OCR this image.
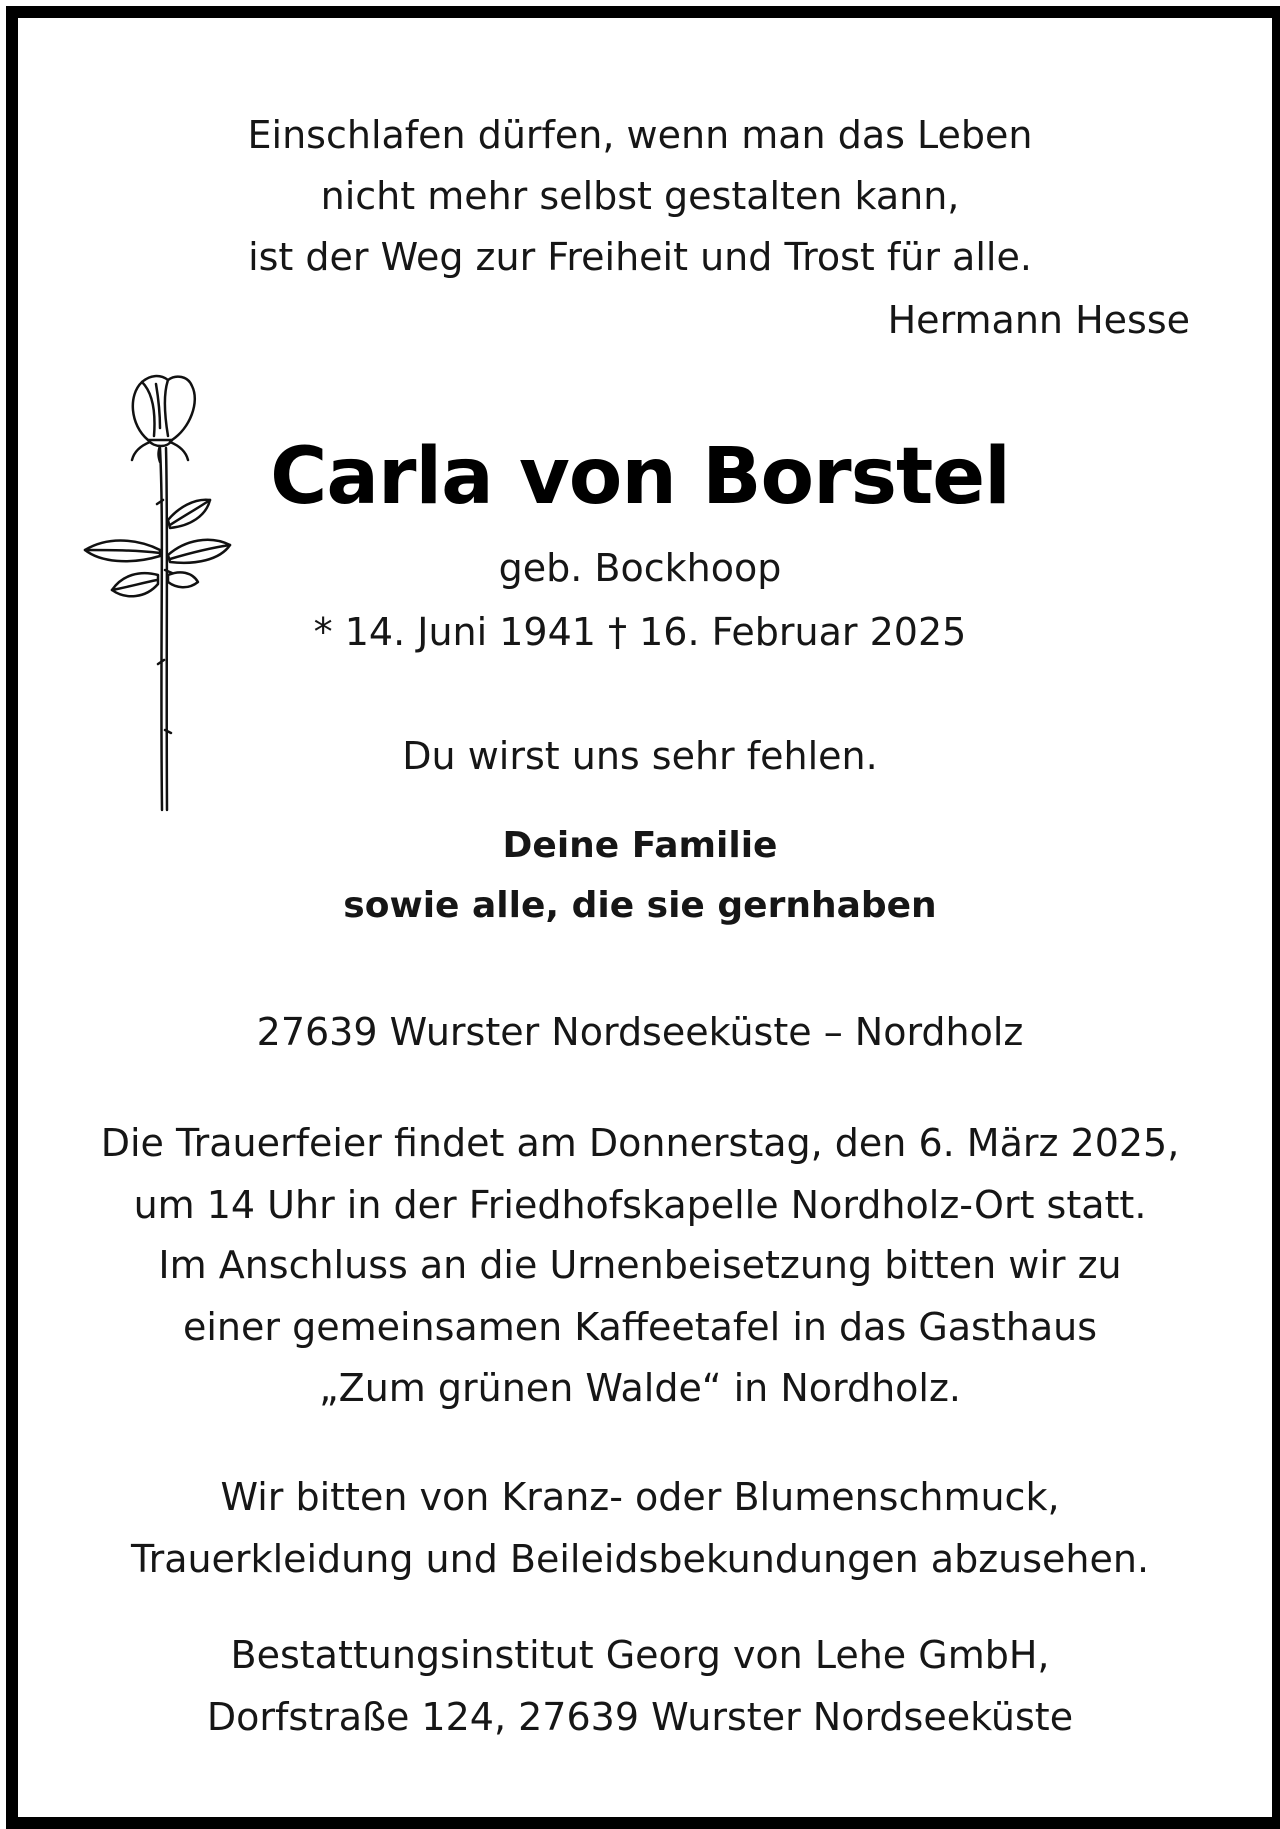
Einschlafen dürfen, wenn man das Leben
nicht mehr selbst gestalten kann,
ist der Weg zur Freiheit und Trost für alle.
Hermann Hesse
Carla von Borstel
geb. Bockhoop
* 14. Juni 1941 † 16. Februar 2025
Du wirst uns sehr fehlen.
Deine Familie
sowie alle, die sie gernhaben
27639 Wurster Nordseeküste – Nordholz
Die Trauerfeier findet am Donnerstag, den 6. März 2025,
um 14 Uhr in der Friedhofskapelle Nordholz-Ort statt.
Im Anschluss an die Urnenbeisetzung bitten wir zu
einer gemeinsamen Kaffeetafel in das Gasthaus
„Zum grünen Walde“ in Nordholz.
Wir bitten von Kranz- oder Blumenschmuck,
Trauerkleidung und Beileidsbekundungen abzusehen.
Bestattungsinstitut Georg von Lehe GmbH,
Dorfstraße 124, 27639 Wurster Nordseeküste
